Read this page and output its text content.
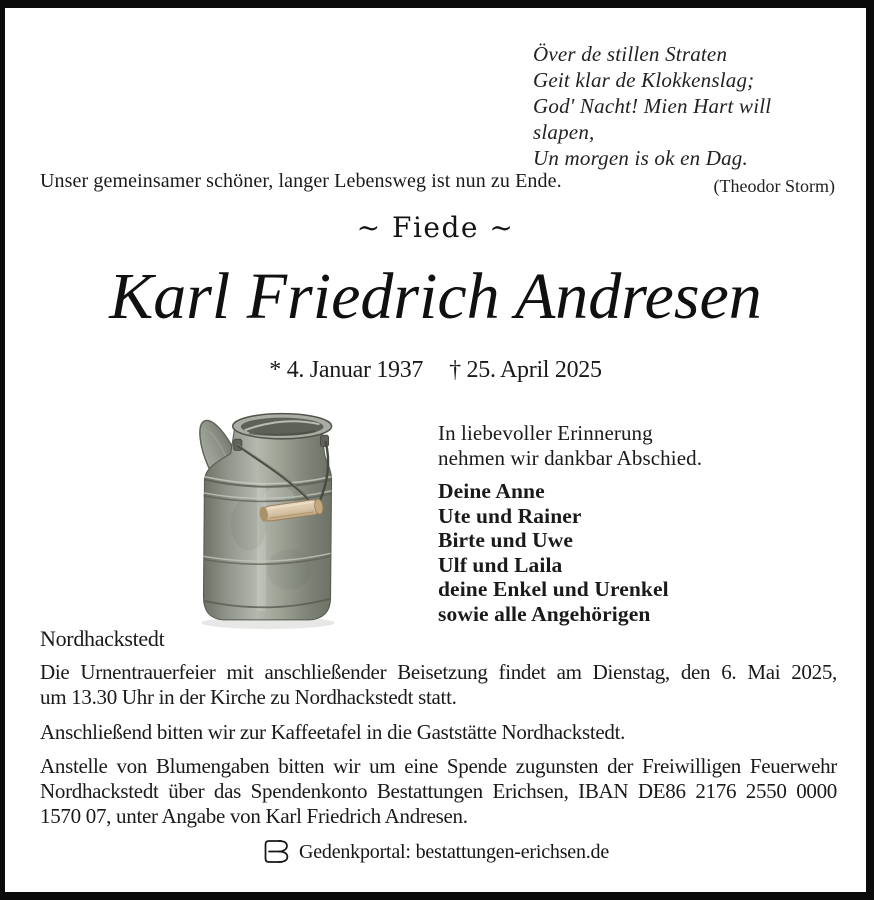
Över de stillen Straten
Geit klar de Klokkenslag;
God' Nacht! Mien Hart will slapen,
Un morgen is ok en Dag.
(Theodor Storm)
Unser gemeinsamer schöner, langer Lebensweg ist nun zu Ende.
~ Fiede ~
Karl Friedrich Andresen
* 4. Januar 1937 † 25. April 2025
In liebevoller Erinnerung
nehmen wir dankbar Abschied.
Deine Anne
Ute und Rainer
Birte und Uwe
Ulf und Laila
deine Enkel und Urenkel
sowie alle Angehörigen
Nordhackstedt
Die Urnentrauerfeier mit anschließender Beisetzung findet am Dienstag, den 6. Mai 2025,
um 13.30 Uhr in der Kirche zu Nordhackstedt statt.
Anschließend bitten wir zur Kaffeetafel in die Gaststätte Nordhackstedt.
Anstelle von Blumengaben bitten wir um eine Spende zugunsten der Freiwilligen Feuerwehr
Nordhackstedt über das Spendenkonto Bestattungen Erichsen, IBAN DE86 2176 2550 0000
1570 07, unter Angabe von Karl Friedrich Andresen.
Gedenkportal: bestattungen-erichsen.de
